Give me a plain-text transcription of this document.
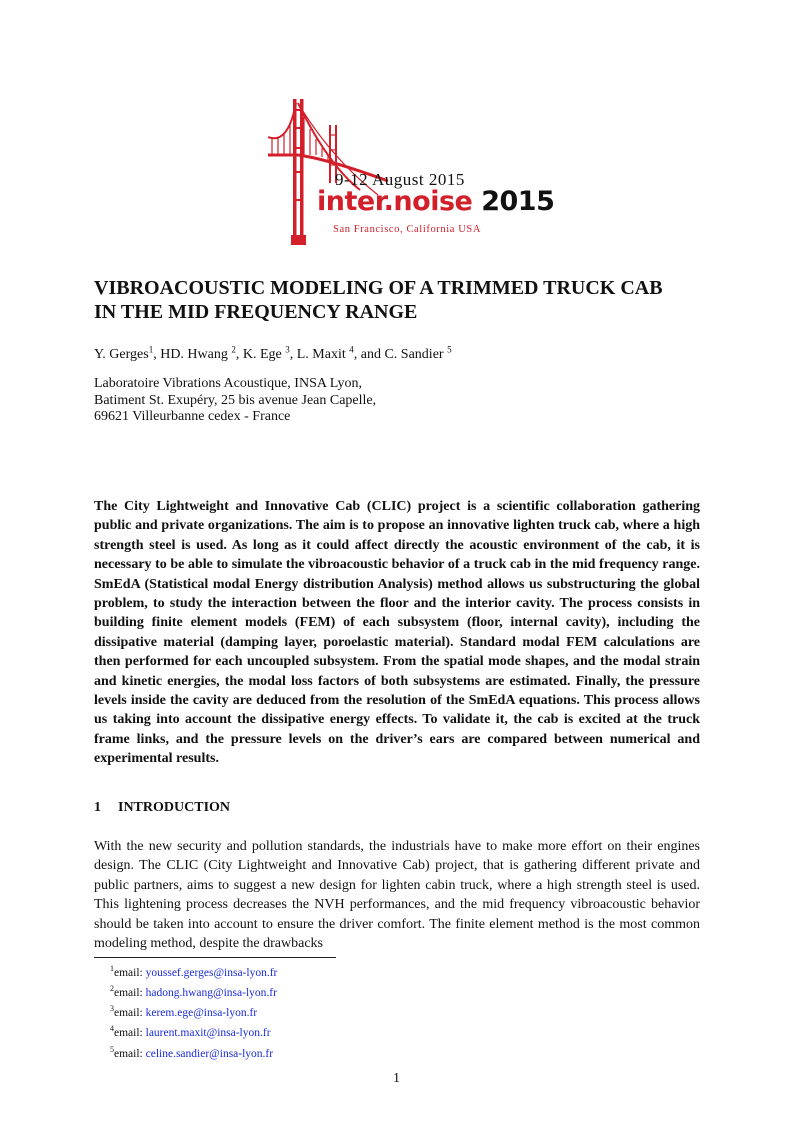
9-12 August 2015
inter.noise 2015
San Francisco, California USA
VIBROACOUSTIC MODELING OF A TRIMMED TRUCK CAB
IN THE MID FREQUENCY RANGE
Y. Gerges$^1$, HD. Hwang $^2$, K. Ege $^3$, L. Maxit $^4$, and C. Sandier $^5$
Laboratoire Vibrations Acoustique, INSA Lyon,
Batiment St. Exupéry, 25 bis avenue Jean Capelle,
69621 Villeurbanne cedex - France

The City Lightweight and Innovative Cab (CLIC) project is a scientific collaboration gathering public and private organizations. The aim is to propose an innovative lighten truck cab, where a high strength steel is used. As long as it could affect directly the acoustic environment of the cab, it is necessary to be able to simulate the vibroacoustic behavior of a truck cab in the mid frequency range. SmEdA (Statistical modal Energy distribution Analysis) method allows us substructuring the global problem, to study the interaction between the floor and the interior cavity. The process consists in building finite element models (FEM) of each subsystem (floor, internal cavity), including the dissipative material (damping layer, poroelastic material). Standard modal FEM calculations are then performed for each uncoupled subsystem. From the spatial mode shapes, and the modal strain and kinetic energies, the modal loss factors of both subsystems are estimated. Finally, the pressure levels inside the cavity are deduced from the resolution of the SmEdA equations. This process allows us taking into account the dissipative energy effects. To validate it, the cab is excited at the truck frame links, and the pressure levels on the driver’s ears are compared between numerical and experimental results.

1 INTRODUCTION

With the new security and pollution standards, the industrials have to make more effort on their engines design. The CLIC (City Lightweight and Innovative Cab) project, that is gathering different private and public partners, aims to suggest a new design for lighten cabin truck, where a high strength steel is used. This lightening process decreases the NVH performances, and the mid frequency vibroacoustic behavior should be taken into account to ensure the driver comfort. The finite element method is the most common modeling method, despite the drawbacks

$^1$email: youssef.gerges@insa-lyon.fr
$^2$email: hadong.hwang@insa-lyon.fr
$^3$email: kerem.ege@insa-lyon.fr
$^4$email: laurent.maxit@insa-lyon.fr
$^5$email: celine.sandier@insa-lyon.fr
1
